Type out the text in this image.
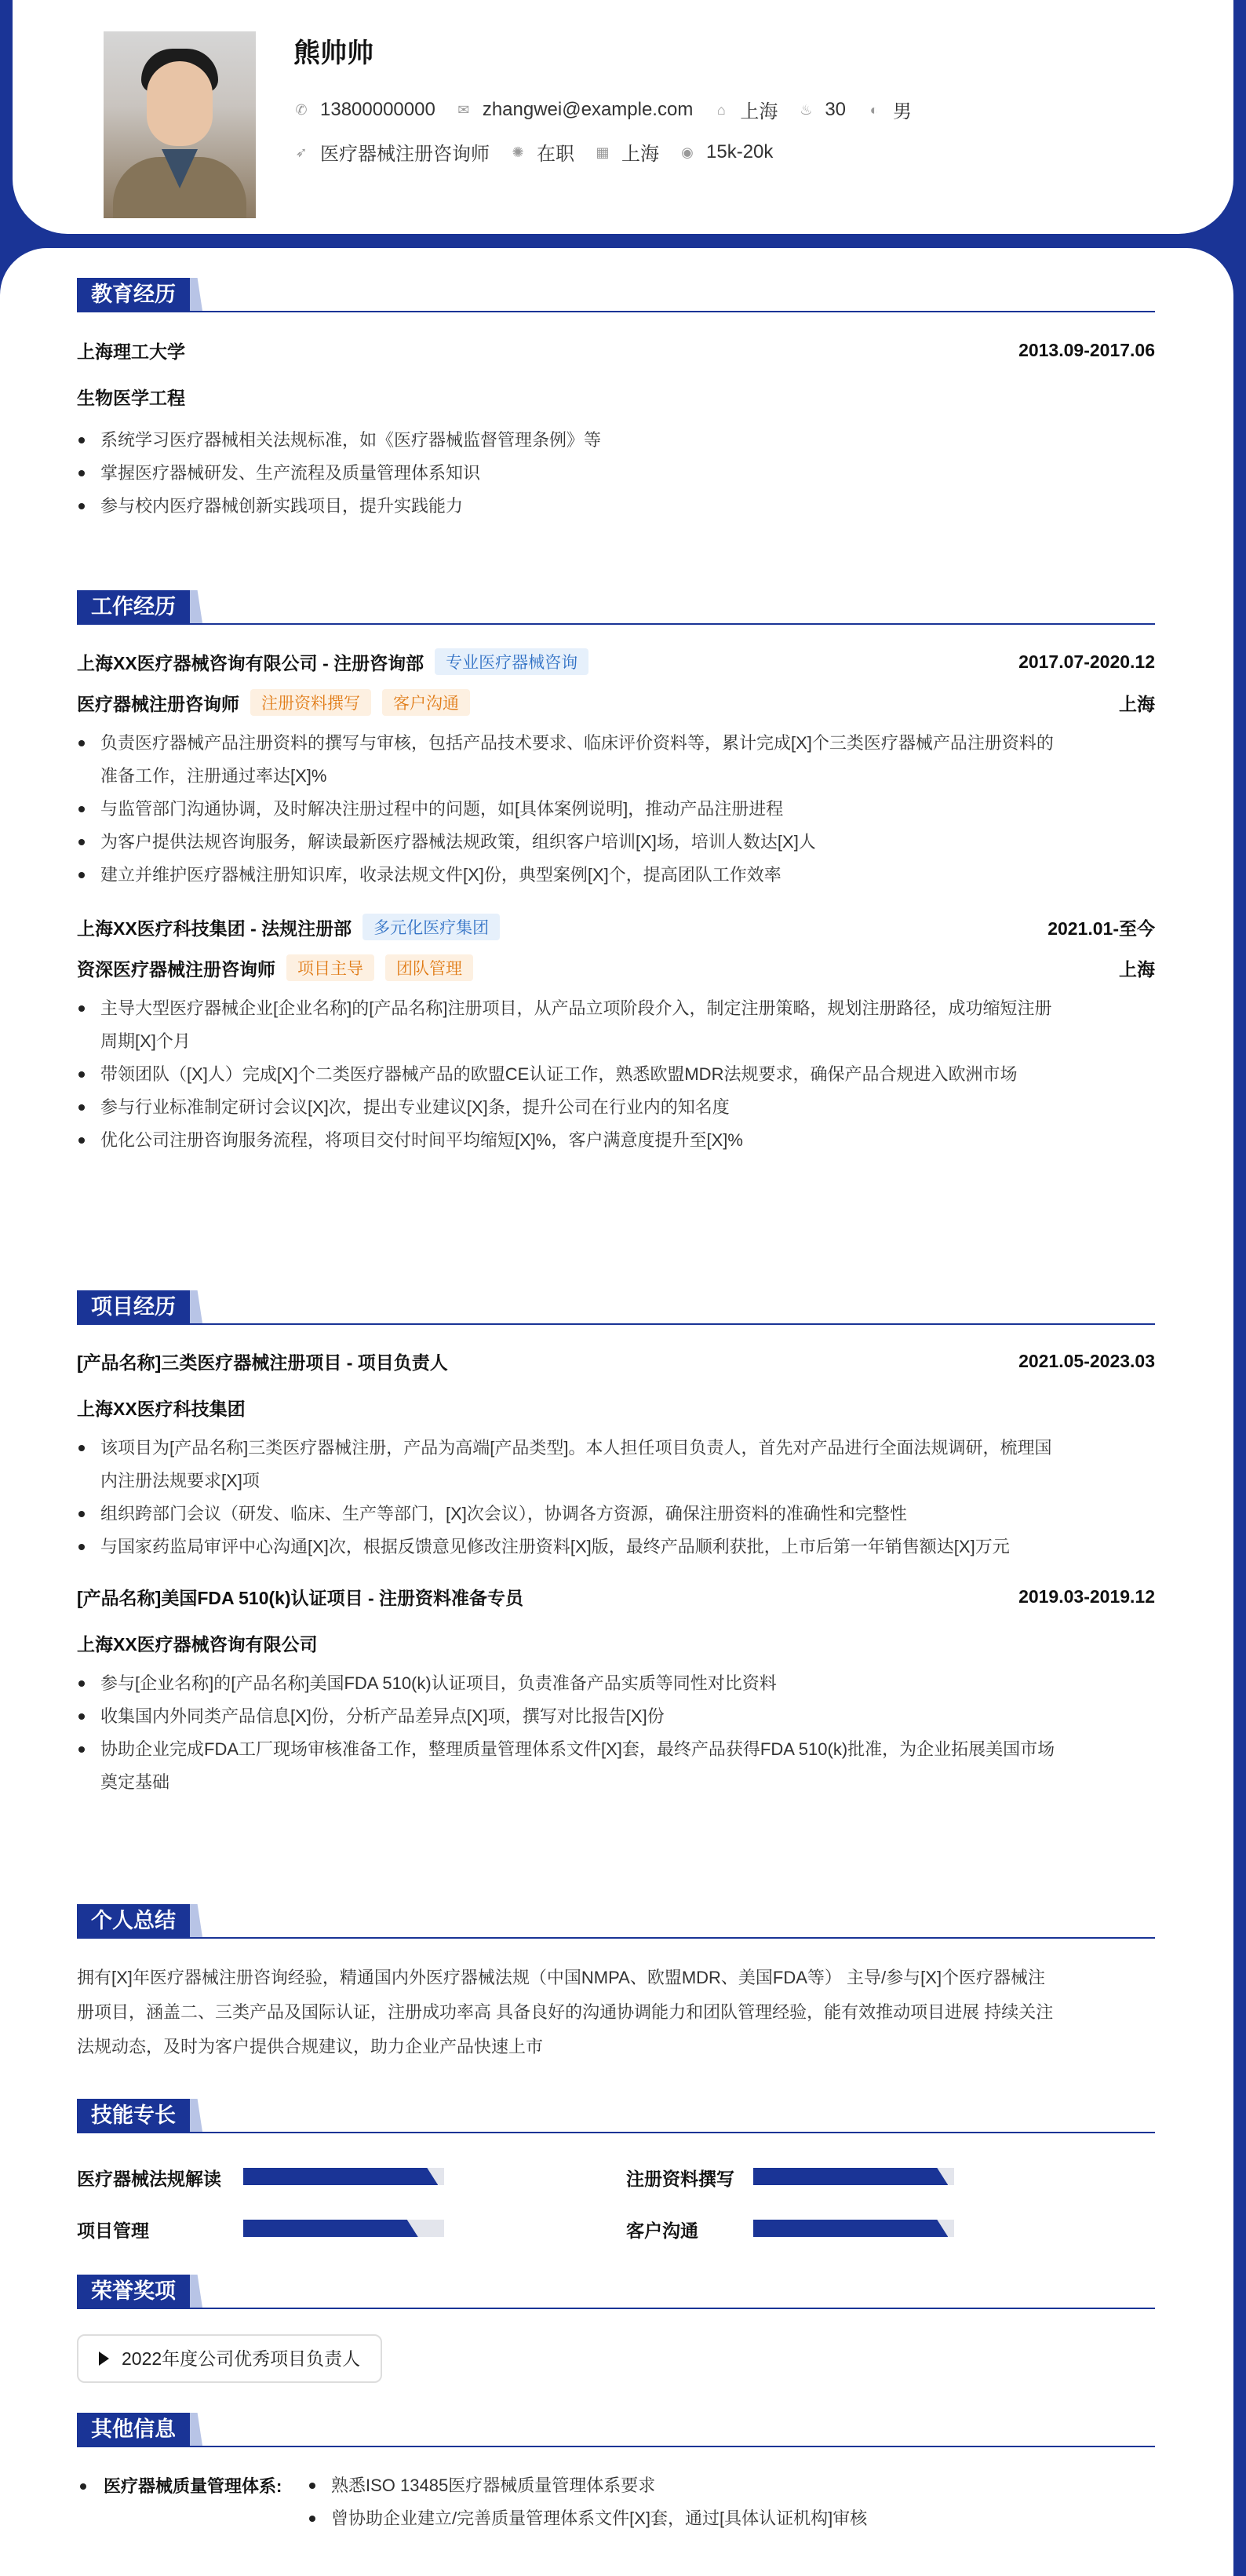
熊帅帅
✆ 13800000000 ✉ zhangwei@example.com ⌂ 上海 ♨ 30 ◐ 男
➶ 医疗器械注册咨询师 ✺ 在职 ▦ 上海 ◉ 15k-20k
教育经历
上海理工大学	2013.09-2017.06
生物医学工程
系统学习医疗器械相关法规标准，如《医疗器械监督管理条例》等
掌握医疗器械研发、生产流程及质量管理体系知识
参与校内医疗器械创新实践项目，提升实践能力
工作经历
上海XX医疗器械咨询有限公司 - 注册咨询部	专业医疗器械咨询	2017.07-2020.12
医疗器械注册咨询师	注册资料撰写	客户沟通	上海
负责医疗器械产品注册资料的撰写与审核，包括产品技术要求、临床评价资料等，累计完成[X]个三类医疗器械产品注册资料的
准备工作，注册通过率达[X]%
与监管部门沟通协调，及时解决注册过程中的问题，如[具体案例说明]，推动产品注册进程
为客户提供法规咨询服务，解读最新医疗器械法规政策，组织客户培训[X]场，培训人数达[X]人
建立并维护医疗器械注册知识库，收录法规文件[X]份，典型案例[X]个，提高团队工作效率
上海XX医疗科技集团 - 法规注册部	多元化医疗集团	2021.01-至今
资深医疗器械注册咨询师	项目主导	团队管理	上海
主导大型医疗器械企业[企业名称]的[产品名称]注册项目，从产品立项阶段介入，制定注册策略，规划注册路径，成功缩短注册
周期[X]个月
带领团队（[X]人）完成[X]个二类医疗器械产品的欧盟CE认证工作，熟悉欧盟MDR法规要求，确保产品合规进入欧洲市场
参与行业标准制定研讨会议[X]次，提出专业建议[X]条，提升公司在行业内的知名度
优化公司注册咨询服务流程，将项目交付时间平均缩短[X]%，客户满意度提升至[X]%
项目经历
[产品名称]三类医疗器械注册项目 - 项目负责人	2021.05-2023.03
上海XX医疗科技集团
该项目为[产品名称]三类医疗器械注册，产品为高端[产品类型]。本人担任项目负责人，首先对产品进行全面法规调研，梳理国
内注册法规要求[X]项
组织跨部门会议（研发、临床、生产等部门，[X]次会议），协调各方资源，确保注册资料的准确性和完整性
与国家药监局审评中心沟通[X]次，根据反馈意见修改注册资料[X]版，最终产品顺利获批，上市后第一年销售额达[X]万元
[产品名称]美国FDA 510(k)认证项目 - 注册资料准备专员	2019.03-2019.12
上海XX医疗器械咨询有限公司
参与[企业名称]的[产品名称]美国FDA 510(k)认证项目，负责准备产品实质等同性对比资料
收集国内外同类产品信息[X]份，分析产品差异点[X]项，撰写对比报告[X]份
协助企业完成FDA工厂现场审核准备工作，整理质量管理体系文件[X]套，最终产品获得FDA 510(k)批准，为企业拓展美国市场
奠定基础
个人总结
拥有[X]年医疗器械注册咨询经验，精通国内外医疗器械法规（中国NMPA、欧盟MDR、美国FDA等） 主导/参与[X]个医疗器械注
册项目，涵盖二、三类产品及国际认证，注册成功率高 具备良好的沟通协调能力和团队管理经验，能有效推动项目进展 持续关注
法规动态，及时为客户提供合规建议，助力企业产品快速上市
技能专长
医疗器械法规解读	注册资料撰写
项目管理	客户沟通
荣誉奖项
2022年度公司优秀项目负责人
其他信息
医疗器械质量管理体系:	熟悉ISO 13485医疗器械质量管理体系要求
曾协助企业建立/完善质量管理体系文件[X]套，通过[具体认证机构]审核
